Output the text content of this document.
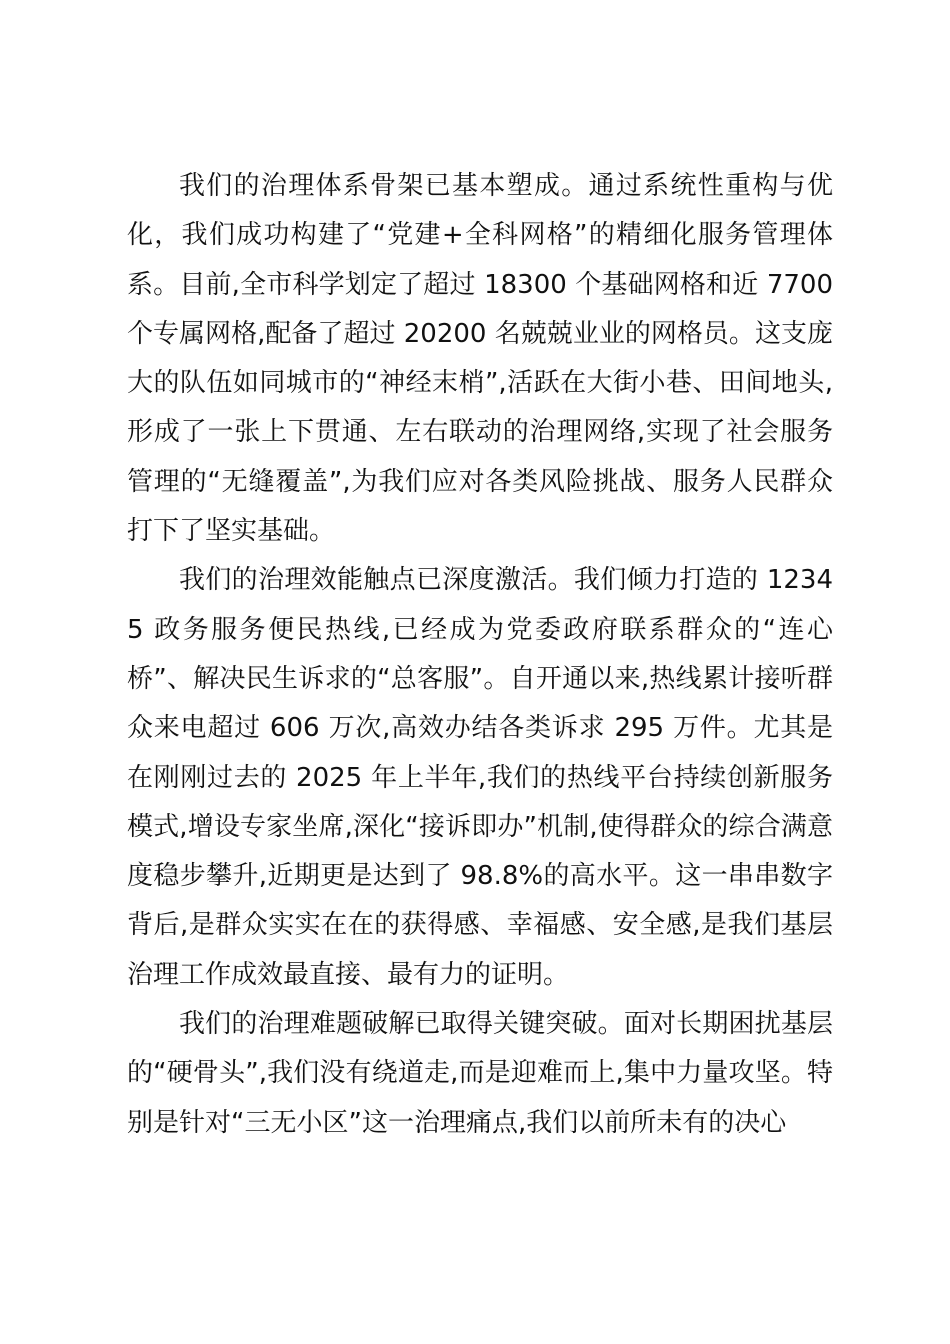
我们的治理体系骨架已基本塑成。通过系统性重构与优化，我们成功构建了“党建+全科网格”的精细化服务管理体系。目前,全市科学划定了超过 18300 个基础网格和近 7700 个专属网格,配备了超过 20200 名兢兢业业的网格员。这支庞大的队伍如同城市的“神经末梢”,活跃在大街小巷、田间地头,形成了一张上下贯通、左右联动的治理网络,实现了社会服务管理的“无缝覆盖”,为我们应对各类风险挑战、服务人民群众打下了坚实基础。

我们的治理效能触点已深度激活。我们倾力打造的 12345 政务服务便民热线,已经成为党委政府联系群众的“连心桥”、解决民生诉求的“总客服”。自开通以来,热线累计接听群众来电超过 606 万次,高效办结各类诉求 295 万件。尤其是在刚刚过去的 2025 年上半年,我们的热线平台持续创新服务模式,增设专家坐席,深化“接诉即办”机制,使得群众的综合满意度稳步攀升,近期更是达到了 98.8%的高水平。这一串串数字背后,是群众实实在在的获得感、幸福感、安全感,是我们基层治理工作成效最直接、最有力的证明。

我们的治理难题破解已取得关键突破。面对长期困扰基层的“硬骨头”,我们没有绕道走,而是迎难而上,集中力量攻坚。特别是针对“三无小区”这一治理痛点,我们以前所未有的决心
